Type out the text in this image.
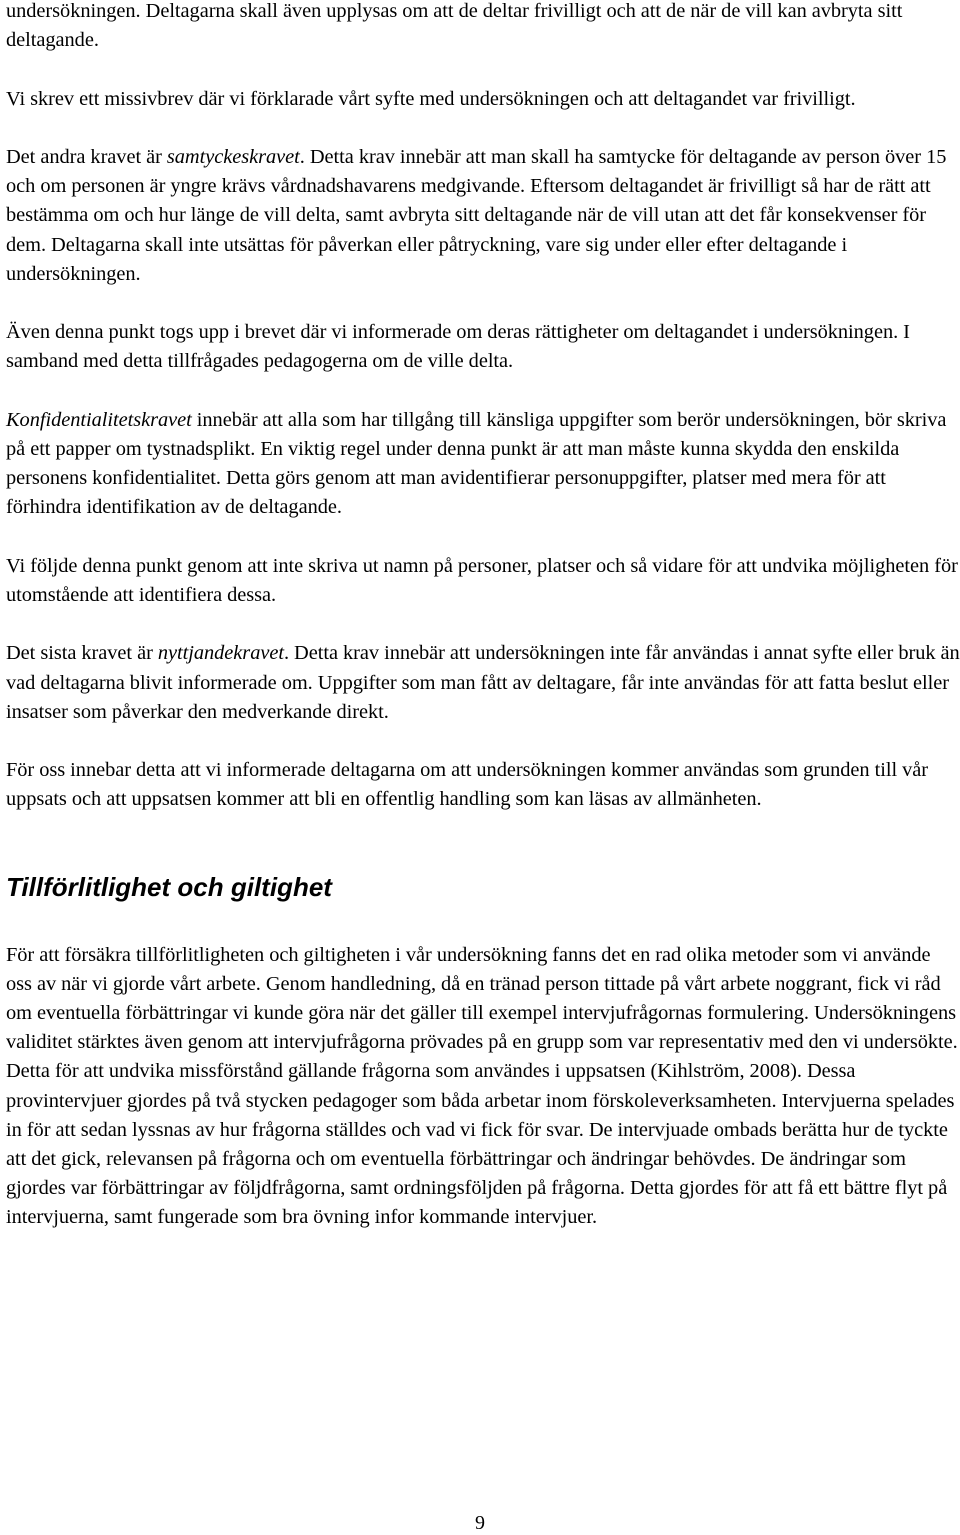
undersökningen. Deltagarna skall även upplysas om att de deltar frivilligt och att de när de vill kan avbryta sitt deltagande.

Vi skrev ett missivbrev där vi förklarade vårt syfte med undersökningen och att deltagandet var frivilligt.

Det andra kravet är samtyckeskravet. Detta krav innebär att man skall ha samtycke för deltagande av person över 15 och om personen är yngre krävs vårdnadshavarens medgivande. Eftersom deltagandet är frivilligt så har de rätt att bestämma om och hur länge de vill delta, samt avbryta sitt deltagande när de vill utan att det får konsekvenser för dem. Deltagarna skall inte utsättas för påverkan eller påtryckning, vare sig under eller efter deltagande i undersökningen.

Även denna punkt togs upp i brevet där vi informerade om deras rättigheter om deltagandet i undersökningen. I samband med detta tillfrågades pedagogerna om de ville delta.

Konfidentialitetskravet innebär att alla som har tillgång till känsliga uppgifter som berör undersökningen, bör skriva på ett papper om tystnadsplikt. En viktig regel under denna punkt är att man måste kunna skydda den enskilda personens konfidentialitet. Detta görs genom att man avidentifierar personuppgifter, platser med mera för att förhindra identifikation av de deltagande.

Vi följde denna punkt genom att inte skriva ut namn på personer, platser och så vidare för att undvika möjligheten för utomstående att identifiera dessa.

Det sista kravet är nyttjandekravet. Detta krav innebär att undersökningen inte får användas i annat syfte eller bruk än vad deltagarna blivit informerade om. Uppgifter som man fått av deltagare, får inte användas för att fatta beslut eller insatser som påverkar den medverkande direkt.

För oss innebar detta att vi informerade deltagarna om att undersökningen kommer användas som grunden till vår uppsats och att uppsatsen kommer att bli en offentlig handling som kan läsas av allmänheten.

Tillförlitlighet och giltighet

För att försäkra tillförlitligheten och giltigheten i vår undersökning fanns det en rad olika metoder som vi använde oss av när vi gjorde vårt arbete. Genom handledning, då en tränad person tittade på vårt arbete noggrant, fick vi råd om eventuella förbättringar vi kunde göra när det gäller till exempel intervjufrågornas formulering. Undersökningens validitet stärktes även genom att intervjufrågorna prövades på en grupp som var representativ med den vi undersökte. Detta för att undvika missförstånd gällande frågorna som användes i uppsatsen (Kihlström, 2008). Dessa provintervjuer gjordes på två stycken pedagoger som båda arbetar inom förskoleverksamheten. Intervjuerna spelades in för att sedan lyssnas av hur frågorna ställdes och vad vi fick för svar. De intervjuade ombads berätta hur de tyckte att det gick, relevansen på frågorna och om eventuella förbättringar och ändringar behövdes. De ändringar som gjordes var förbättringar av följdfrågorna, samt ordningsföljden på frågorna. Detta gjordes för att få ett bättre flyt på intervjuerna, samt fungerade som bra övning infor kommande intervjuer.

9
